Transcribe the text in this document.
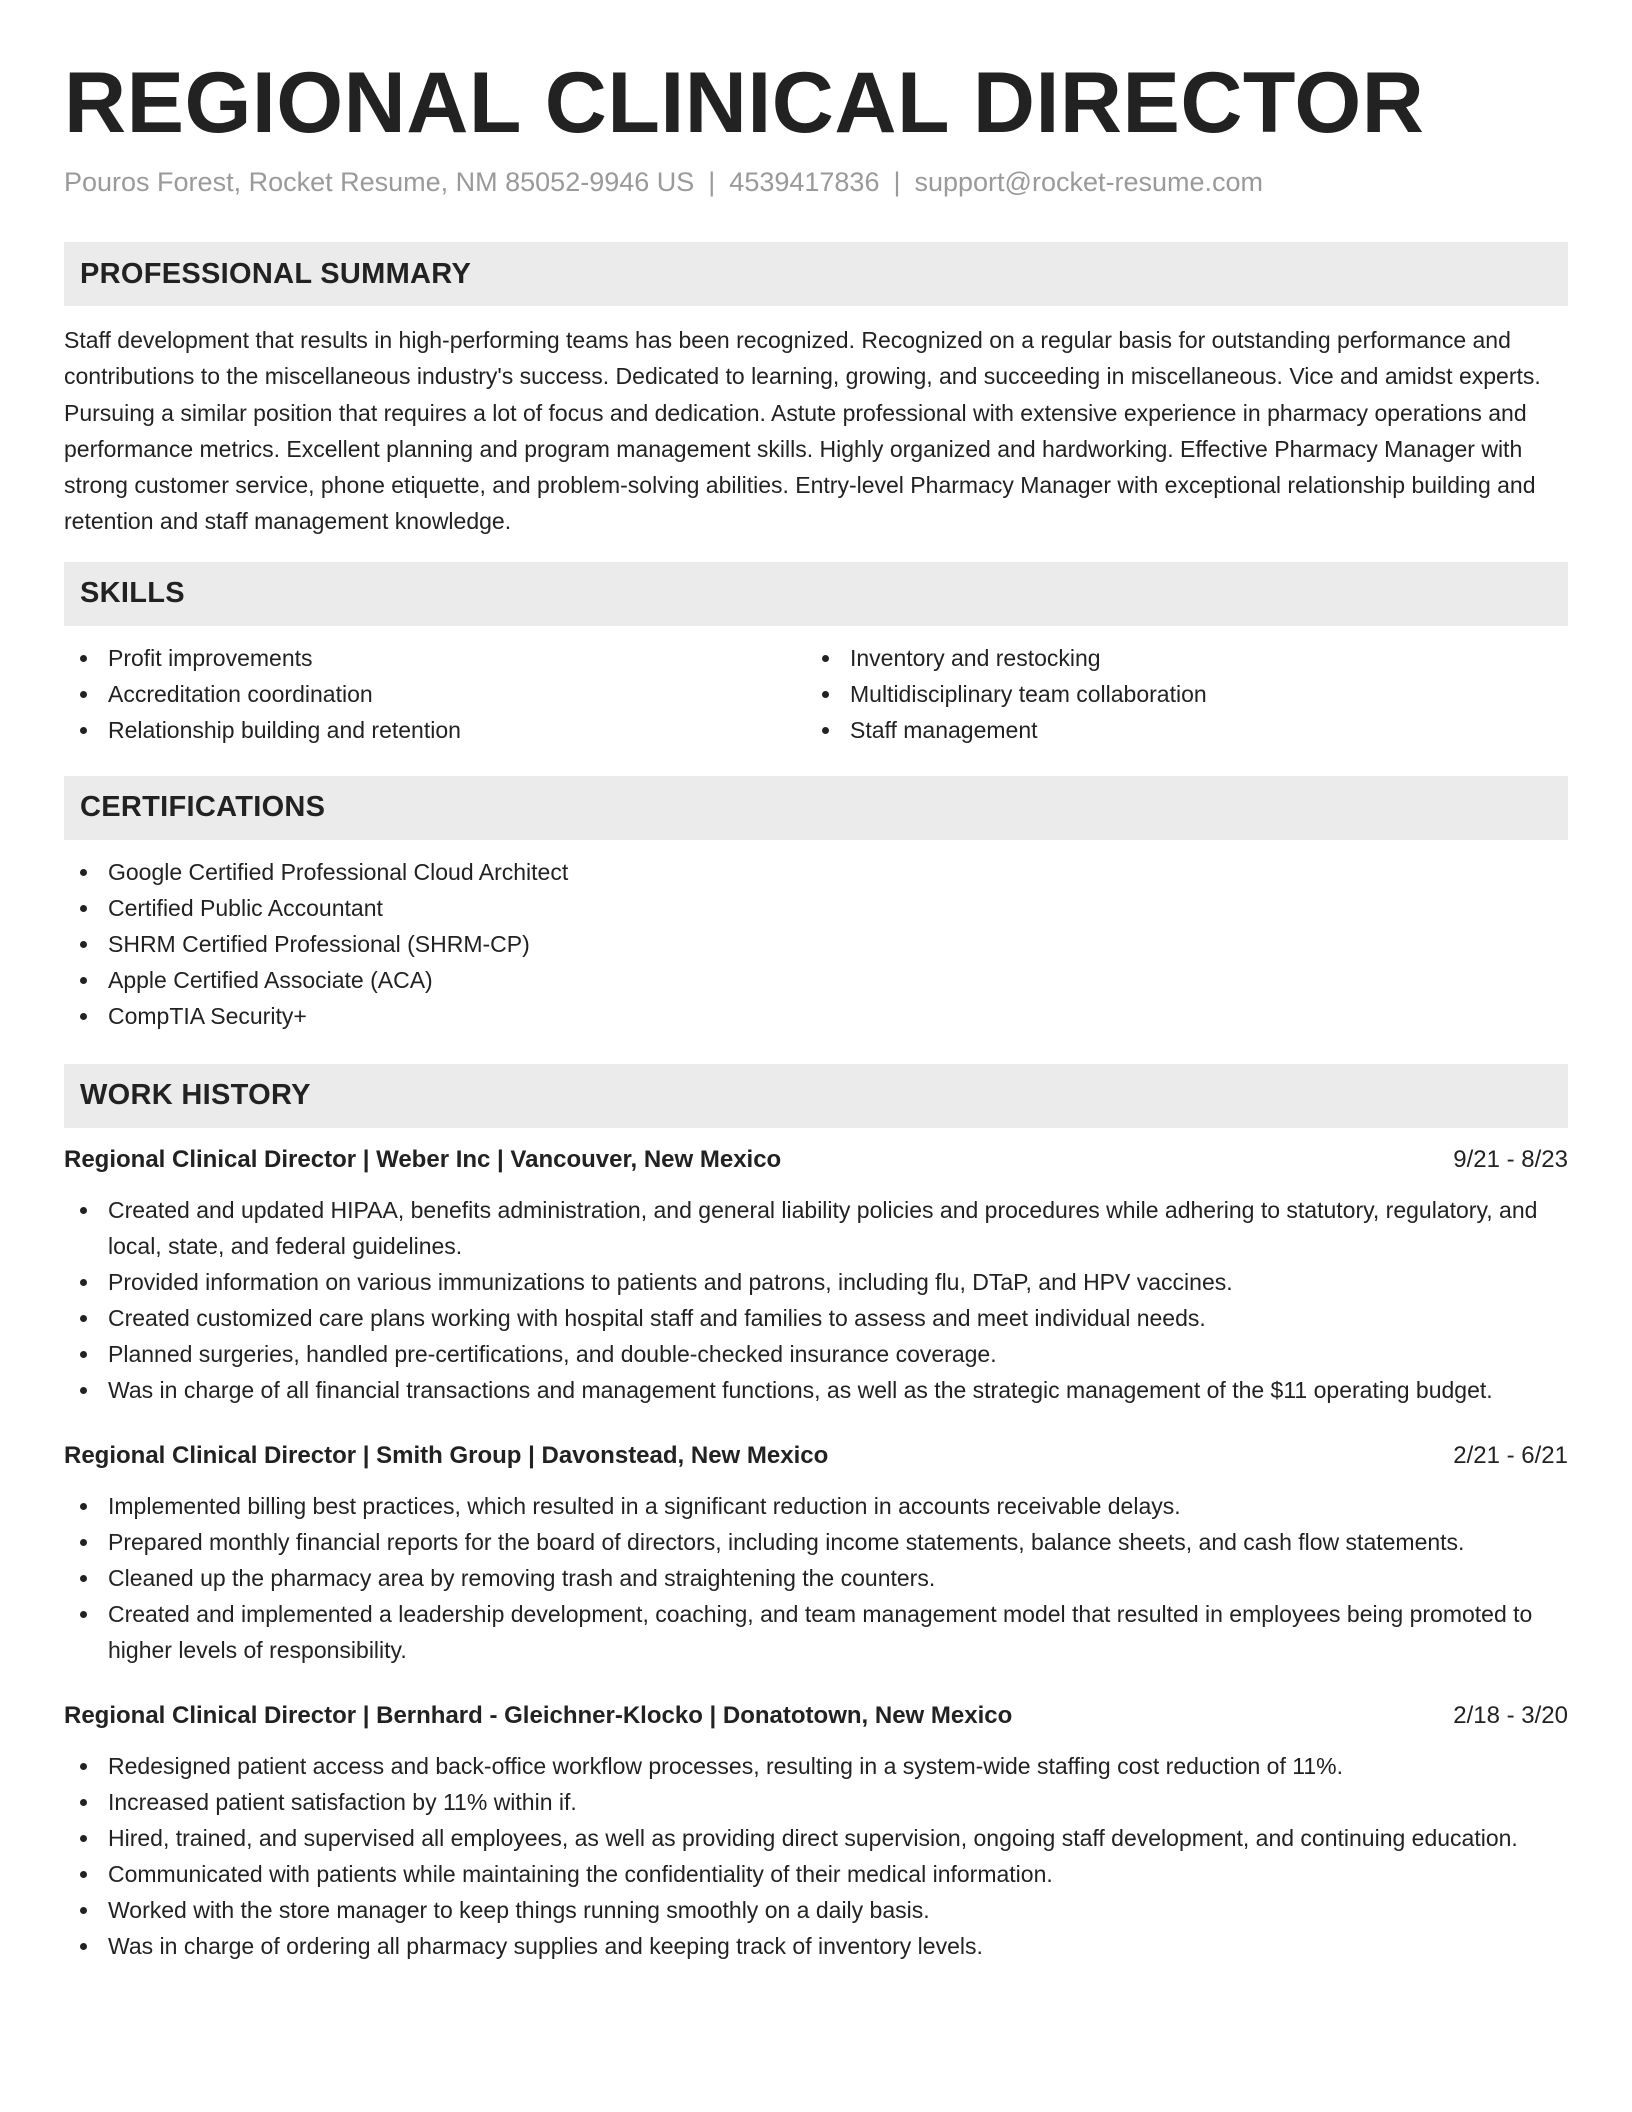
REGIONAL CLINICAL DIRECTOR
Pouros Forest, Rocket Resume, NM 85052-9946 US | 4539417836 | support@rocket-resume.com
PROFESSIONAL SUMMARY

Staff development that results in high-performing teams has been recognized. Recognized on a regular basis for outstanding performance and contributions to the miscellaneous industry's success. Dedicated to learning, growing, and succeeding in miscellaneous. Vice and amidst experts. Pursuing a similar position that requires a lot of focus and dedication. Astute professional with extensive experience in pharmacy operations and performance metrics. Excellent planning and program management skills. Highly organized and hardworking. Effective Pharmacy Manager with strong customer service, phone etiquette, and problem-solving abilities. Entry-level Pharmacy Manager with exceptional relationship building and retention and staff management knowledge.

SKILLS
Profit improvements
Accreditation coordination
Relationship building and retention
Inventory and restocking
Multidisciplinary team collaboration
Staff management
CERTIFICATIONS
Google Certified Professional Cloud Architect
Certified Public Accountant
SHRM Certified Professional (SHRM-CP)
Apple Certified Associate (ACA)
CompTIA Security+
WORK HISTORY
Regional Clinical Director | Weber Inc | Vancouver, New Mexico	9/21 - 8/23
Created and updated HIPAA, benefits administration, and general liability policies and procedures while adhering to statutory, regulatory, and local, state, and federal guidelines.
Provided information on various immunizations to patients and patrons, including flu, DTaP, and HPV vaccines.
Created customized care plans working with hospital staff and families to assess and meet individual needs.
Planned surgeries, handled pre-certifications, and double-checked insurance coverage.
Was in charge of all financial transactions and management functions, as well as the strategic management of the $11 operating budget.
Regional Clinical Director | Smith Group | Davonstead, New Mexico	2/21 - 6/21
Implemented billing best practices, which resulted in a significant reduction in accounts receivable delays.
Prepared monthly financial reports for the board of directors, including income statements, balance sheets, and cash flow statements.
Cleaned up the pharmacy area by removing trash and straightening the counters.
Created and implemented a leadership development, coaching, and team management model that resulted in employees being promoted to higher levels of responsibility.
Regional Clinical Director | Bernhard - Gleichner-Klocko | Donatotown, New Mexico	2/18 - 3/20
Redesigned patient access and back-office workflow processes, resulting in a system-wide staffing cost reduction of 11%.
Increased patient satisfaction by 11% within if.
Hired, trained, and supervised all employees, as well as providing direct supervision, ongoing staff development, and continuing education.
Communicated with patients while maintaining the confidentiality of their medical information.
Worked with the store manager to keep things running smoothly on a daily basis.
Was in charge of ordering all pharmacy supplies and keeping track of inventory levels.
